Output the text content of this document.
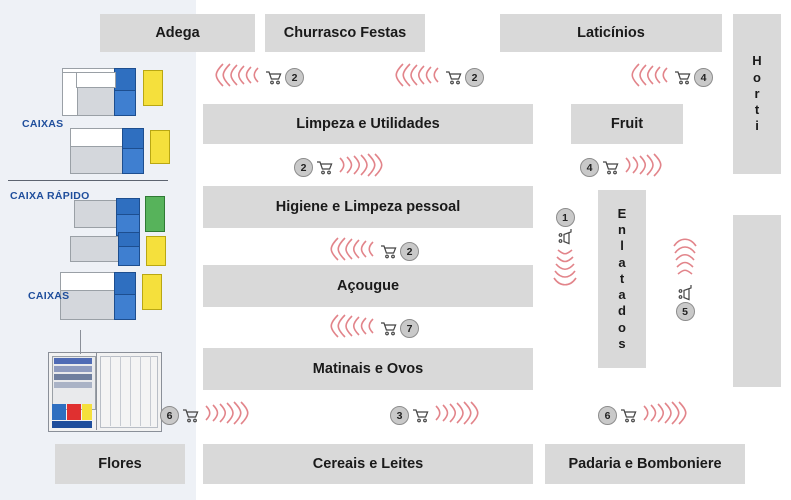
CAIXAS
CAIXA RÁPIDO
CAIXAS
Adega	Churrasco Festas	Laticínios
H
o
r
t
i
Limpeza e Utilidades	Fruit
Higiene e Limpeza pessoal	E
n
l
a
t
a
d
o
s
Açougue
Matinais e Ovos
Flores	Cereais e Leites	Padaria e Bomboniere
2	2	4
2	4
2
1
5
7
6	3	6
